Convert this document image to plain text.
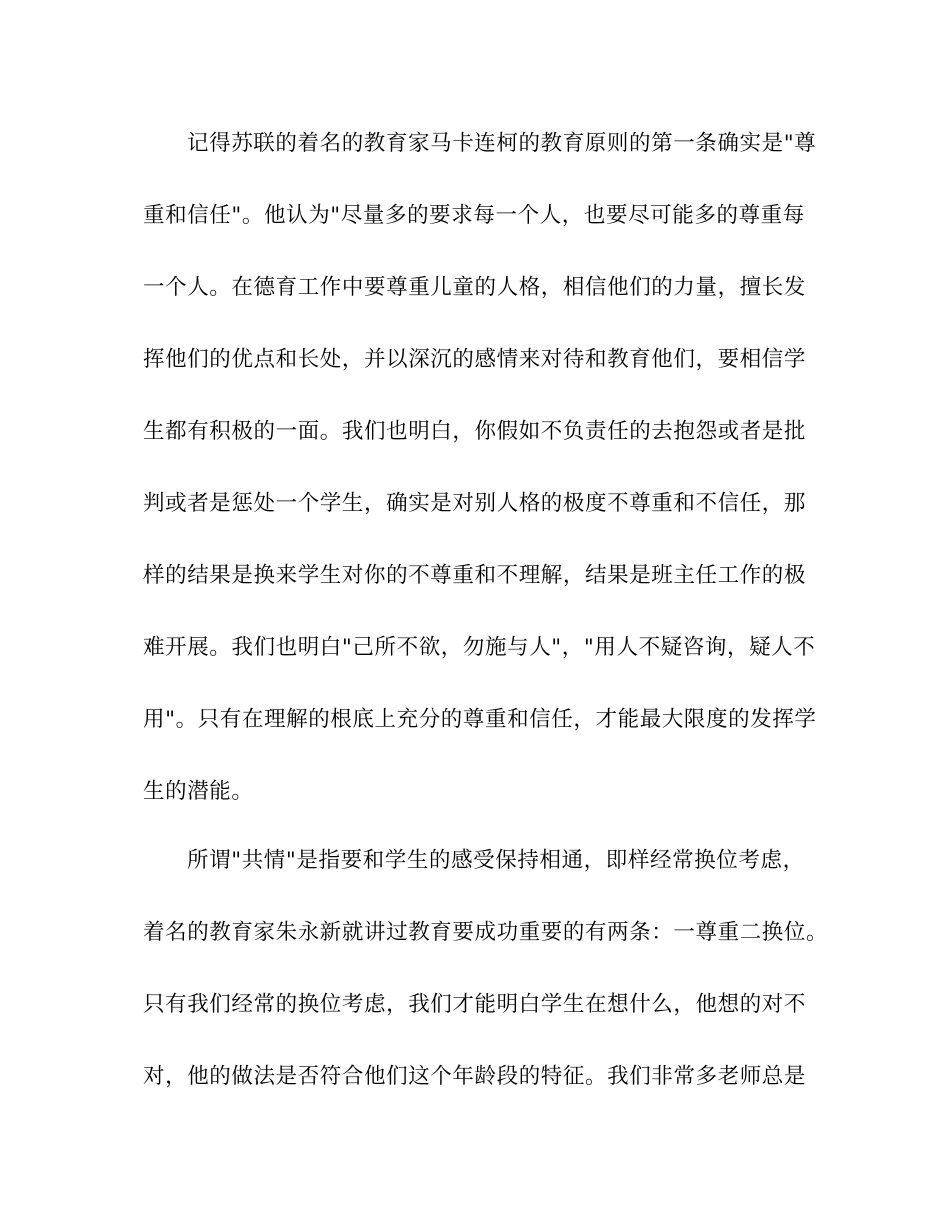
记得苏联的着名的教育家马卡连柯的教育原则的第一条确实是"尊
重和信任"。他认为"尽量多的要求每一个人，也要尽可能多的尊重每
一个人。在德育工作中要尊重儿童的人格，相信他们的力量，擅长发
挥他们的优点和长处，并以深沉的感情来对待和教育他们，要相信学
生都有积极的一面。我们也明白，你假如不负责任的去抱怨或者是批
判或者是惩处一个学生，确实是对别人格的极度不尊重和不信任，那
样的结果是换来学生对你的不尊重和不理解，结果是班主任工作的极
难开展。我们也明白"己所不欲，勿施与人"，"用人不疑咨询，疑人不
用"。只有在理解的根底上充分的尊重和信任，才能最大限度的发挥学
生的潜能。
所谓"共情"是指要和学生的感受保持相通，即样经常换位考虑，
着名的教育家朱永新就讲过教育要成功重要的有两条：一尊重二换位。
只有我们经常的换位考虑，我们才能明白学生在想什么，他想的对不
对，他的做法是否符合他们这个年龄段的特征。我们非常多老师总是
